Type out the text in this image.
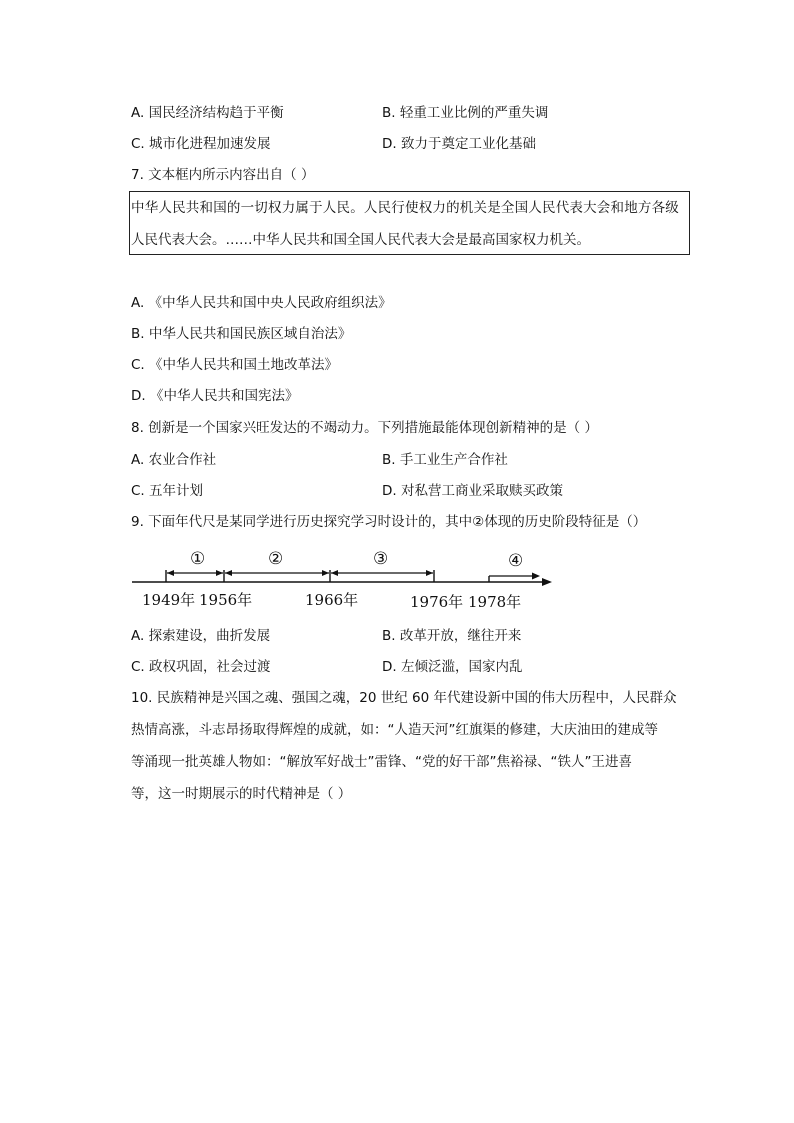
A. 国民经济结构趋于平衡	B. 轻重工业比例的严重失调
C. 城市化进程加速发展	D. 致力于奠定工业化基础
7. 文本框内所示内容出自（ ）
中华人民共和国的一切权力属于人民。人民行使权力的机关是全国人民代表大会和地方各级
人民代表大会。……中华人民共和国全国人民代表大会是最高国家权力机关。
A. 《中华人民共和国中央人民政府组织法》
B. 中华人民共和国民族区域自治法》
C. 《中华人民共和国土地改革法》
D. 《中华人民共和国宪法》
8. 创新是一个国家兴旺发达的不竭动力。下列措施最能体现创新精神的是（ ）
A. 农业合作社	B. 手工业生产合作社
C. 五年计划	D. 对私营工商业采取赎买政策
9. 下面年代尺是某同学进行历史探究学习时设计的，其中②体现的历史阶段特征是（）
①	②	③	④
1949年 1956年	1966年	1976年 1978年
A. 探索建设，曲折发展	B. 改革开放，继往开来
C. 政权巩固，社会过渡	D. 左倾泛滥，国家内乱
10. 民族精神是兴国之魂、强国之魂，20 世纪 60 年代建设新中国的伟大历程中，人民群众
热情高涨，斗志昂扬取得辉煌的成就，如：“人造天河”红旗渠的修建，大庆油田的建成等
等涌现一批英雄人物如：“解放军好战士”雷锋、“党的好干部”焦裕禄、“铁人”王进喜
等，这一时期展示的时代精神是（ ）
